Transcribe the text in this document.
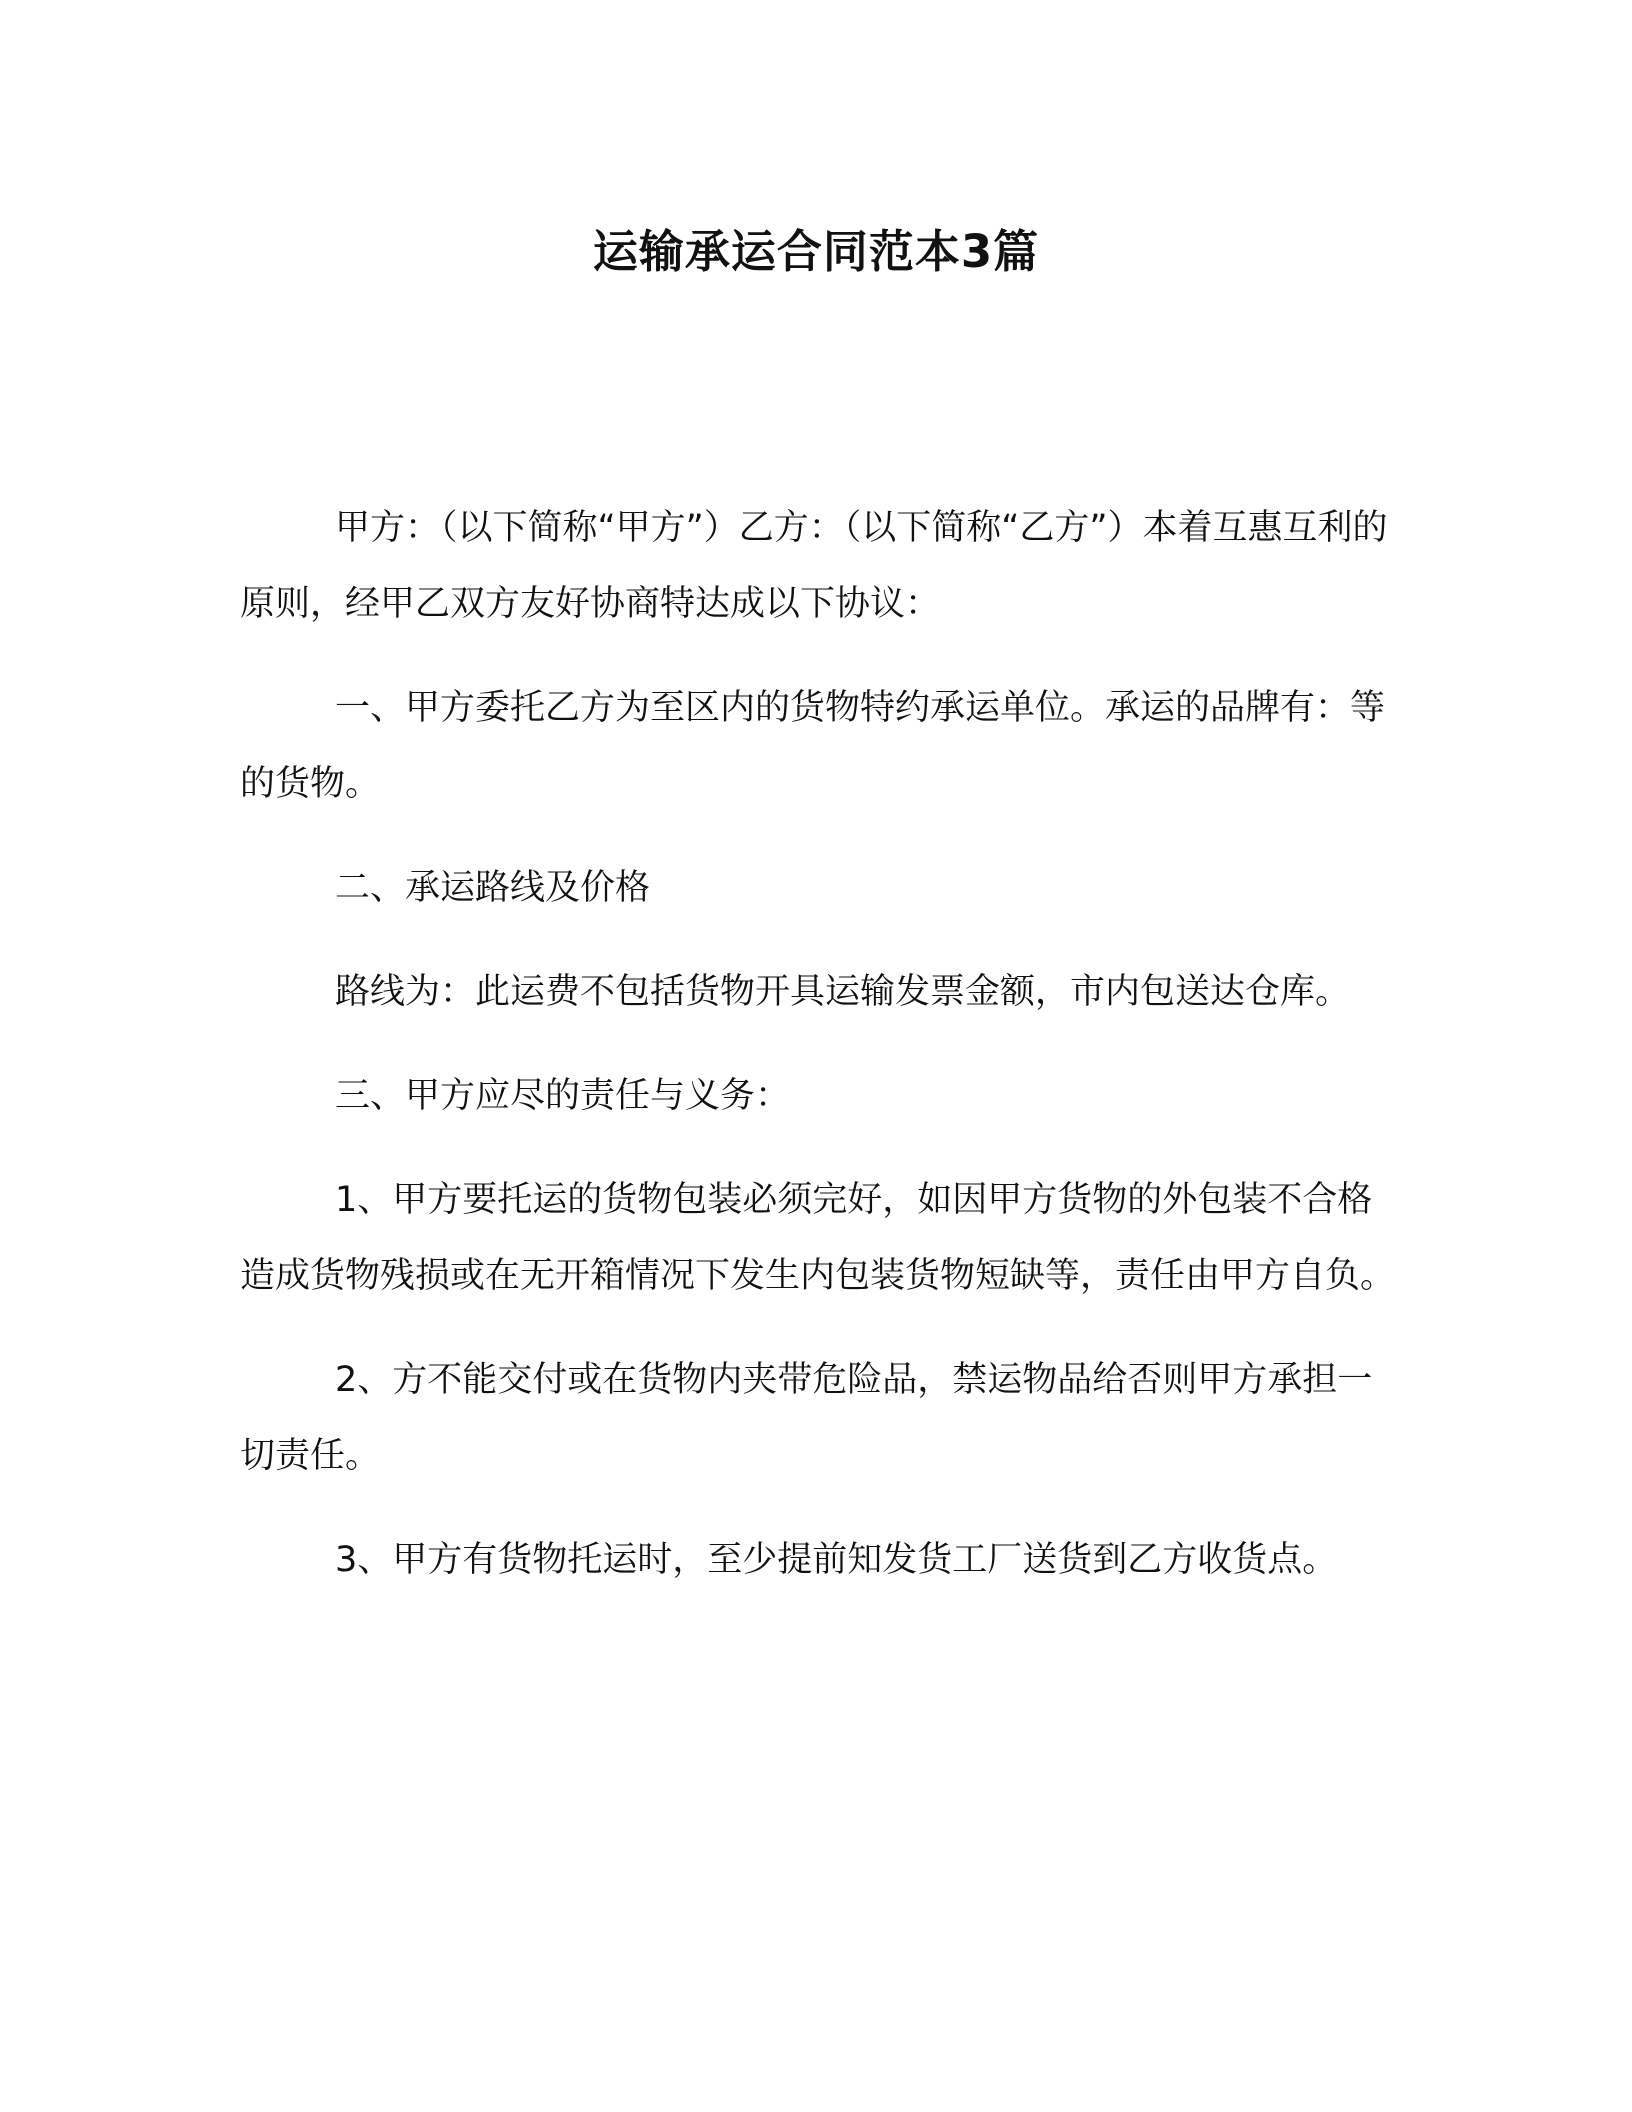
运输承运合同范本3篇

甲方：（以下简称“甲方”）乙方：（以下简称“乙方”）本着互惠互利的原则，经甲乙双方友好协商特达成以下协议：

一、甲方委托乙方为至区内的货物特约承运单位。承运的品牌有：等的货物。

二、承运路线及价格

路线为：此运费不包括货物开具运输发票金额，市内包送达仓库。

三、甲方应尽的责任与义务：

1、甲方要托运的货物包装必须完好，如因甲方货物的外包装不合格造成货物残损或在无开箱情况下发生内包装货物短缺等，责任由甲方自负。

2、方不能交付或在货物内夹带危险品，禁运物品给否则甲方承担一切责任。

3、甲方有货物托运时，至少提前知发货工厂送货到乙方收货点。
